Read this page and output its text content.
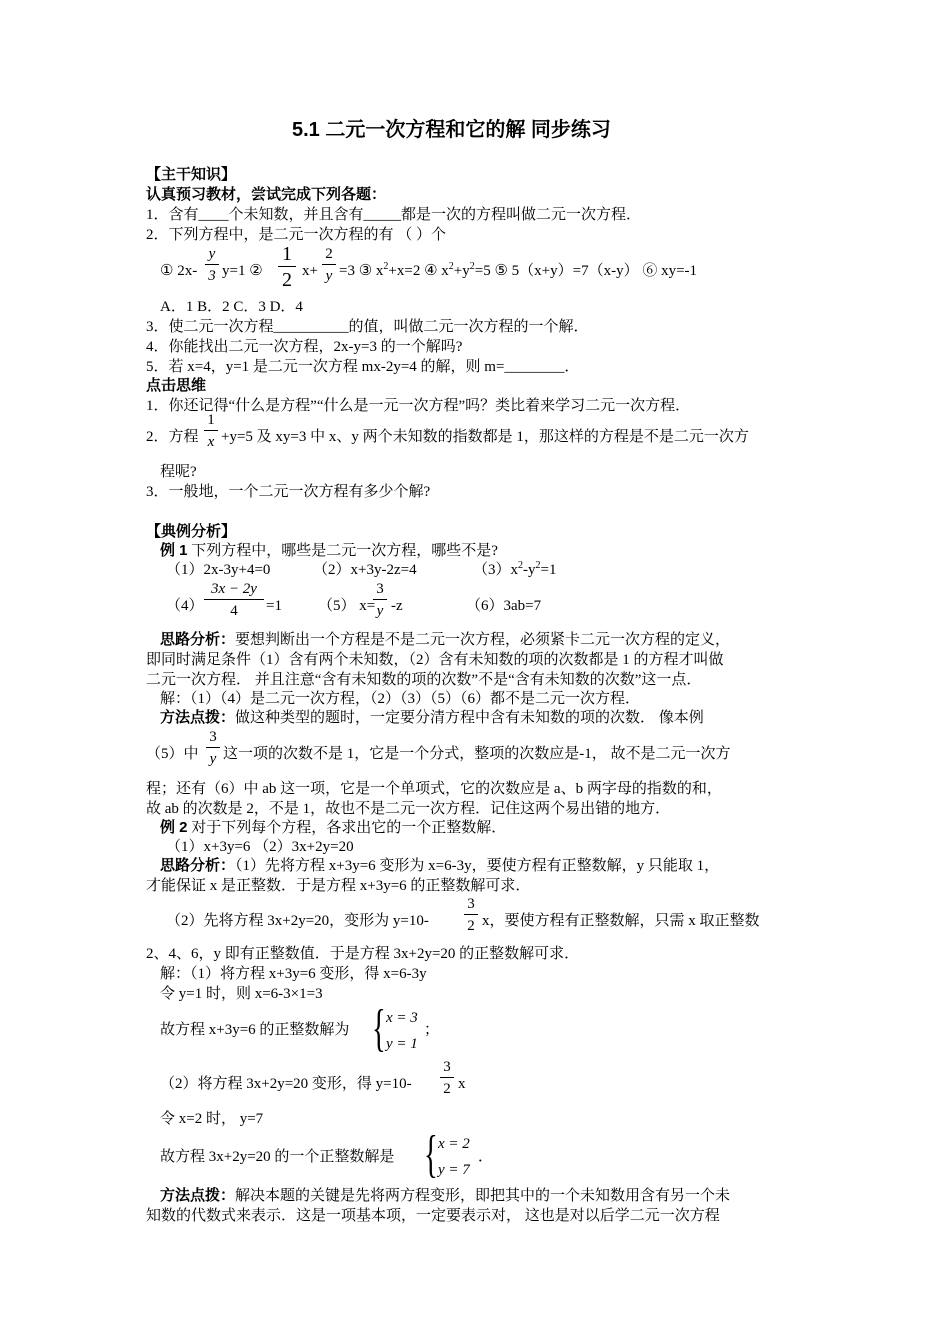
5.1 二元一次方程和它的解 同步练习
【主干知识】
认真预习教材，尝试完成下列各题：
1．含有____个未知数，并且含有_____都是一次的方程叫做二元一次方程．
2．下列方程中，是二元一次方程的有 （ ）个
① $2x- \frac{y}{3} y=1$ ② $\frac{1}{2} x+ \frac{2}{y} =3$ ③ $x^2+x=2$ ④ $x^2+y^2=5$ ⑤ 5（x+y）=7（x-y） ⑥ xy=-1
A．1 B．2 C．3 D．4
3．使二元一次方程__________的值，叫做二元一次方程的一个解．
4．你能找出二元一次方程，2x-y=3 的一个解吗?
5．若 x=4，y=1 是二元一次方程 mx-2y=4 的解，则 m=________．
点击思维
1．你还记得“什么是方程”“什么是一元一次方程”吗？类比着来学习二元一次方程．
2．方程 $\frac{1}{x} +y=5$ 及 xy=3 中 x、y 两个未知数的指数都是 1，那这样的方程是不是二元一次方
程呢?
3．一般地，一个二元一次方程有多少个解?
【典例分析】
例 1 下列方程中，哪些是二元一次方程，哪些不是?
（1）2x-3y+4=0	（2）x+3y-2z=4	$(3)x^2-y^2=1$
$(4) \frac{3x - 2y}{4} =1$ （5） x=
$\frac{3}{y} -z$	（6）3ab=7
思路分析：要想判断出一个方程是不是二元一次方程，必须紧卡二元一次方程的定义，
即同时满足条件（1）含有两个未知数，（2）含有未知数的项的次数都是 1 的方程才叫做
二元一次方程． 并且注意“含有未知数的项的次数”不是“含有未知数的次数”这一点．
解：（1）（4）是二元一次方程，（2）（3）（5）（6）都不是二元一次方程．
方法点拨：做这种类型的题时，一定要分清方程中含有未知数的项的次数． 像本例
（5）中 $\frac{3}{y}$ 这一项的次数不是 1，它是一个分式，整项的次数应是-1， 故不是二元一次方
程；还有（6）中 ab 这一项，它是一个单项式，它的次数应是 a、b 两字母的指数的和，
故 ab 的次数是 2，不是 1，故也不是二元一次方程．记住这两个易出错的地方．
例 2 对于下列每个方程，各求出它的一个正整数解．
（1）x+3y=6 （2）3x+2y=20
思路分析：（1）先将方程 x+3y=6 变形为 x=6-3y，要使方程有正整数解，y 只能取 1，
才能保证 x 是正整数．于是方程 x+3y=6 的正整数解可求．
（2）先将方程 3x+2y=20，变形为 $y=10- \frac{3}{2}$ x，要使方程有正整数解，只需 x 取正整数
2、4、6，y 即有正整数值．于是方程 3x+2y=20 的正整数解可求．
解：（1）将方程 x+3y=6 变形，得 x=6-3y
令 y=1 时，则 x=6-3×1=3
故方程 x+3y=6 的正整数解为 { x = 3
y = 1
；
（2）将方程 3x+2y=20 变形，得 $y=10- \frac{3}{2}$ x
令 x=2 时， y=7
故方程 3x+2y=20 的一个正整数解是 { x = 2
y = 7
．
方法点拨：解决本题的关键是先将两方程变形，即把其中的一个未知数用含有另一个未
知数的代数式来表示．这是一项基本项，一定要表示对， 这也是对以后学二元一次方程
